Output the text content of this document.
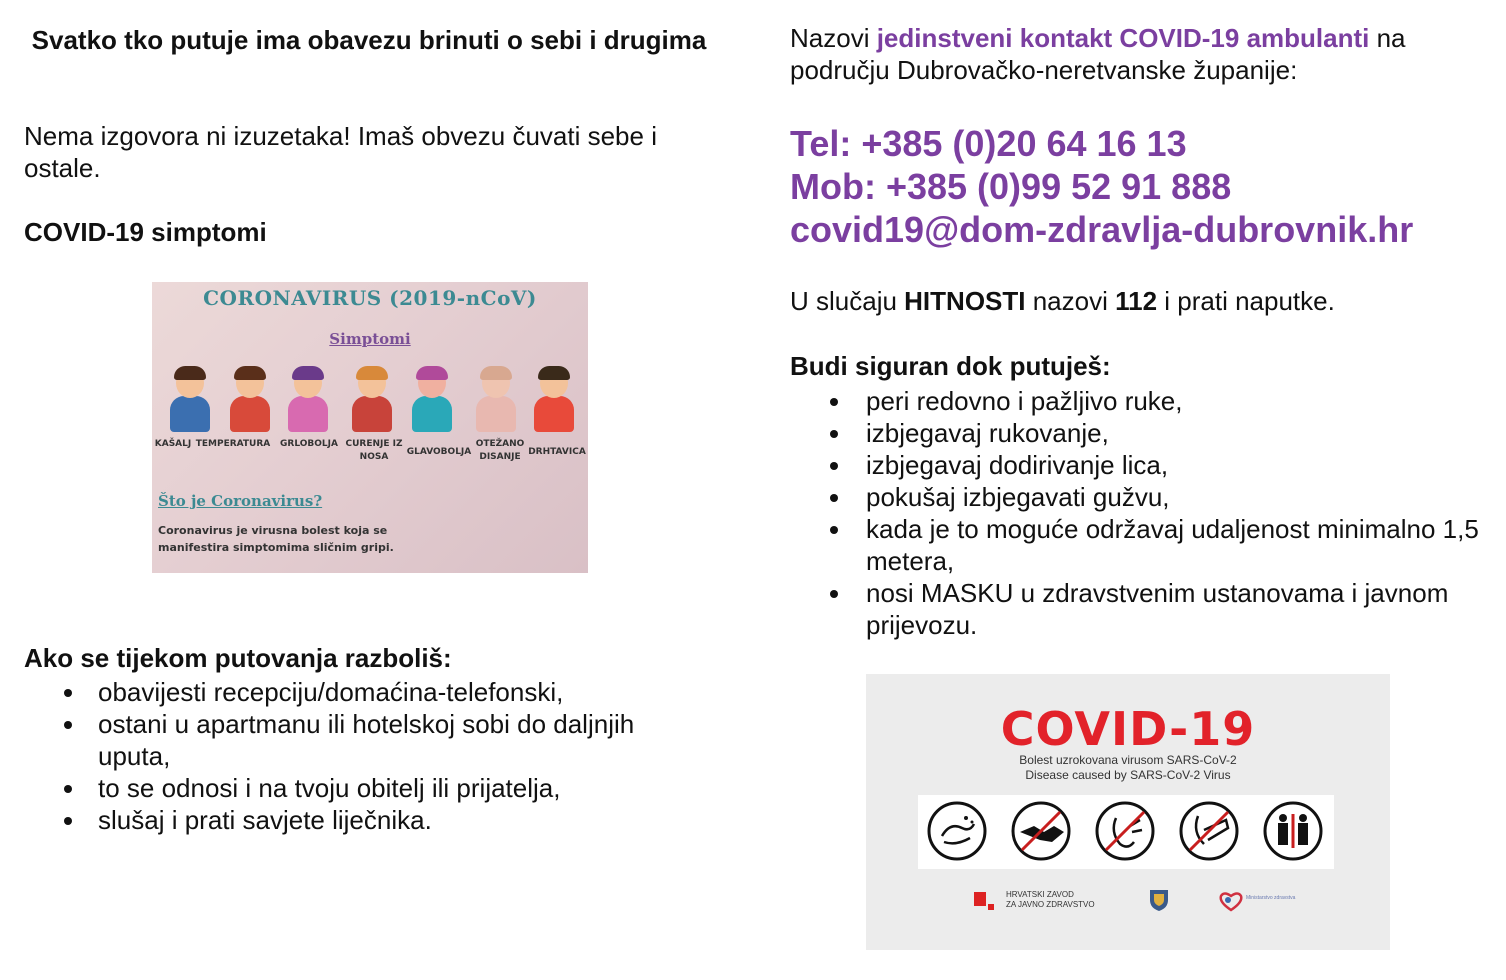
Svatko tko putuje ima obavezu brinuti o sebi i drugima
Nema izgovora ni izuzetaka! Imaš obvezu čuvati sebe i ostale.
COVID-19 simptomi
CORONAVIRUS (2019-nCoV)
Simptomi
KAŠALJ TEMPERATURA	GRLOBOLJA CURENJE IZ NOSA	GLAVOBOLJA
OTEŽANO DISANJE DRHTAVICA
Što je Coronavirus?
Coronavirus je virusna bolest koja se manifestira simptomima sličnim gripi.
Ako se tijekom putovanja razboliš:
obavijesti recepciju/domaćina-telefonski,
ostani u apartmanu ili hotelskoj sobi do daljnjih uputa,
to se odnosi i na tvoju obitelj ili prijatelja,
slušaj i prati savjete liječnika.
Nazovi jedinstveni kontakt COVID-19 ambulanti na području Dubrovačko-neretvanske županije:
Tel: +385 (0)20 64 16 13
Mob: +385 (0)99 52 91 888
covid19@dom-zdravlja-dubrovnik.hr
U slučaju HITNOSTI nazovi 112 i prati naputke.
Budi siguran dok putuješ:
peri redovno i pažljivo ruke,
izbjegavaj rukovanje,
izbjegavaj dodirivanje lica,
pokušaj izbjegavati gužvu,
kada je to moguće održavaj udaljenost minimalno 1,5 metera,
nosi MASKU u zdravstvenim ustanovama i javnom prijevozu.
COVID-19
Bolest uzrokovana virusom SARS-CoV-2
Disease caused by SARS-CoV-2 Virus
HRVATSKI ZAVOD
ZA JAVNO ZDRAVSTVO
Ministarstvo zdravstva
